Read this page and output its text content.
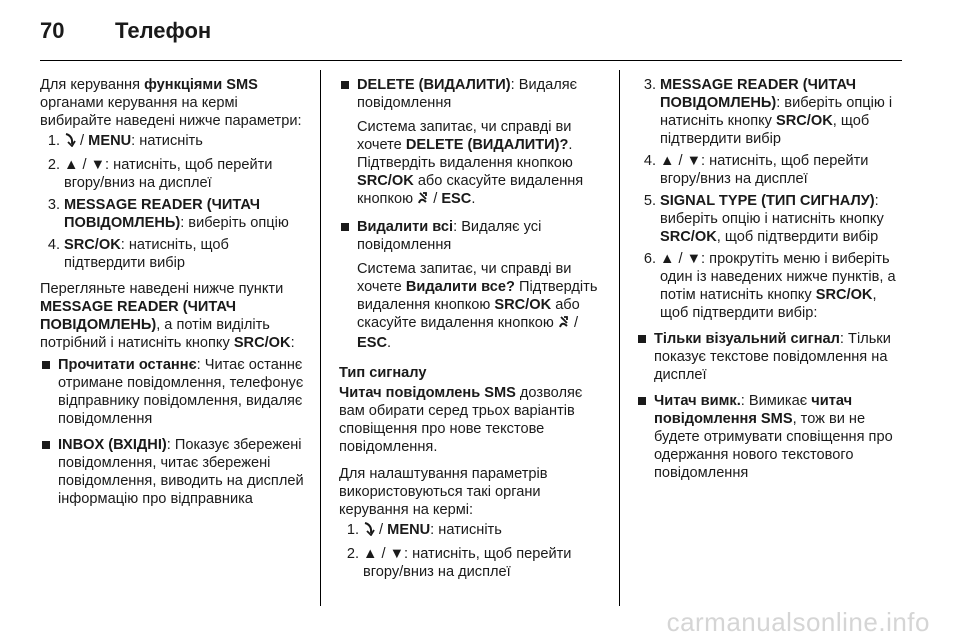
70 Телефон

Для керування функціями SMS органами керування на кермі вибирайте наведені нижче параметри:

1. / MENU: натисніть
2. ▲ / ▼: натисніть, щоб перейти вгору/вниз на дисплеї
3. MESSAGE READER (ЧИТАЧ ПОВІДОМЛЕНЬ): виберіть опцію
4. SRC/OK: натисніть, щоб підтвердити вибір

Перегляньте наведені нижче пункти MESSAGE READER (ЧИТАЧ ПОВІДОМЛЕНЬ), а потім виділіть потрібний і натисніть кнопку SRC/OK:

Прочитати останнє: Читає останнє отримане повідомлення, телефонує відправнику повідомлення, видаляє повідомлення
INBOX (ВХІДНІ): Показує збережені повідомлення, читає збережені повідомлення, виводить на дисплей інформацію про відправника
DELETE (ВИДАЛИТИ): Видаляє повідомлення
Система запитає, чи справді ви хочете DELETE (ВИДАЛИТИ)?. Підтвердіть видалення кнопкою SRC/OK або скасуйте видалення кнопкою  / ESC.
Видалити всі: Видаляє усі повідомлення
Система запитає, чи справді ви хочете Видалити все? Підтвердіть видалення кнопкою SRC/OK або скасуйте видалення кнопкою  / ESC.

Тип сигналу

Читач повідомлень SMS дозволяє вам обирати серед трьох варіантів сповіщення про нове текстове повідомлення.

Для налаштування параметрів використовуються такі органи керування на кермі:

1. / MENU: натисніть
2. ▲ / ▼: натисніть, щоб перейти вгору/вниз на дисплеї
3. MESSAGE READER (ЧИТАЧ ПОВІДОМЛЕНЬ): виберіть опцію і натисніть кнопку SRC/OK, щоб підтвердити вибір
4. ▲ / ▼: натисніть, щоб перейти вгору/вниз на дисплеї
5. SIGNAL TYPE (ТИП СИГНАЛУ): виберіть опцію і натисніть кнопку SRC/OK, щоб підтвердити вибір
6. ▲ / ▼: прокрутіть меню і виберіть один із наведених нижче пунктів, а потім натисніть кнопку SRC/OK, щоб підтвердити вибір:
Тільки візуальний сигнал: Тільки показує текстове повідомлення на дисплеї
Читач вимк.: Вимикає читач повідомлення SMS, тож ви не будете отримувати сповіщення про одержання нового текстового повідомлення
carmanualsonline.info
